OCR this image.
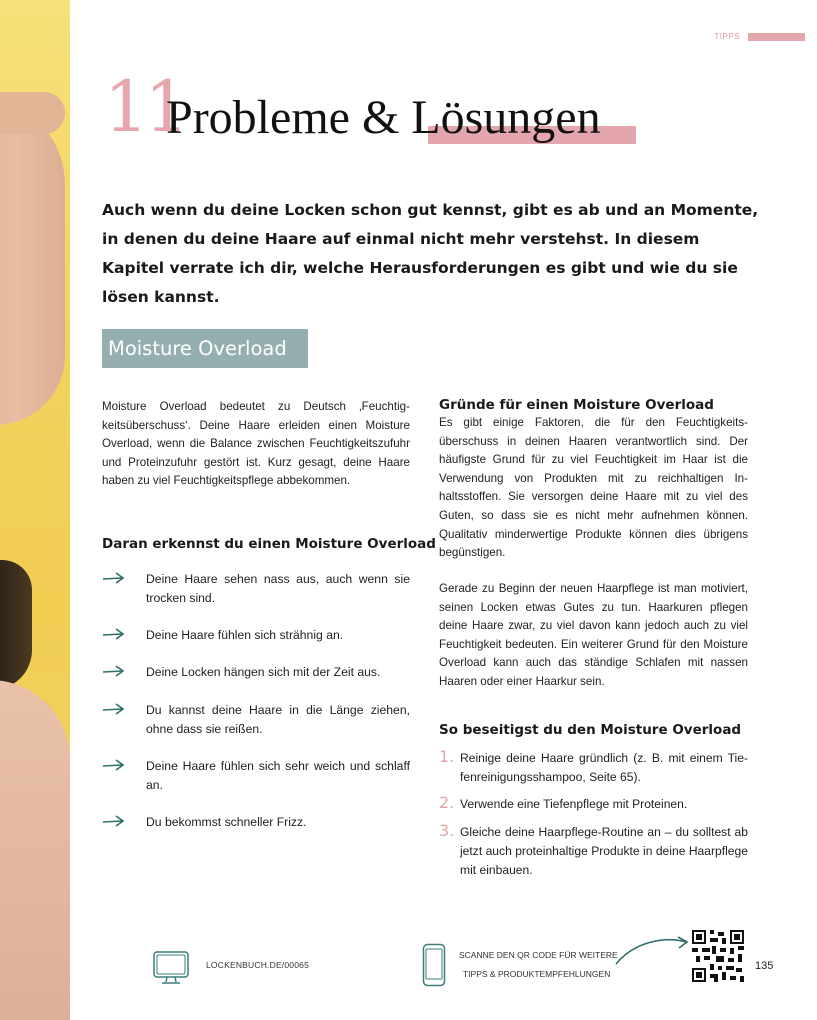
TIPPS
11
Probleme & Lösungen

Auch wenn du deine Locken schon gut kennst, gibt es ab und an Momente, in denen du deine Haare auf einmal nicht mehr verstehst. In diesem Kapitel verrate ich dir, welche Herausforderungen es gibt und wie du sie lösen kannst.

Moisture Overload

Moisture Overload bedeutet zu Deutsch ‚Feuchtigkeitsüberschuss‘. Deine Haare erleiden einen Moisture Overload, wenn die Balance zwischen Feuchtigkeitszufuhr und Proteinzufuhr gestört ist. Kurz gesagt, deine Haare haben zu viel Feuchtigkeitspflege abbekommen.

Daran erkennst du einen Moisture Overload
Deine Haare sehen nass aus, auch wenn sie trocken sind.
Deine Haare fühlen sich strähnig an.
Deine Locken hängen sich mit der Zeit aus.
Du kannst deine Haare in die Länge ziehen, ohne dass sie reißen.
Deine Haare fühlen sich sehr weich und schlaff an.
Du bekommst schneller Frizz.
Gründe für einen Moisture Overload

Es gibt einige Faktoren, die für den Feuchtigkeitsüberschuss in deinen Haaren verantwortlich sind. Der häufigste Grund für zu viel Feuchtigkeit im Haar ist die Verwendung von Produkten mit zu reichhaltigen Inhaltsstoffen. Sie versorgen deine Haare mit zu viel des Guten, so dass sie es nicht mehr aufnehmen können. Qualitativ minderwertige Produkte können dies übrigens begünstigen.

Gerade zu Beginn der neuen Haarpflege ist man motiviert, seinen Locken etwas Gutes zu tun. Haarkuren pflegen deine Haare zwar, zu viel davon kann jedoch auch zu viel Feuchtigkeit bedeuten. Ein weiterer Grund für den Moisture Overload kann auch das ständige Schlafen mit nassen Haaren oder einer Haarkur sein.

So beseitigst du den Moisture Overload
1. Reinige deine Haare gründlich (z. B. mit einem Tiefenreinigungsshampoo, Seite 65).
2. Verwende eine Tiefenpflege mit Proteinen.
3. Gleiche deine Haarpflege-Routine an – du solltest ab jetzt auch proteinhaltige Produkte in deine Haarpflege mit einbauen.
LOCKENBUCH.DE/00065
SCANNE DEN QR CODE FÜR WEITERE
TIPPS & PRODUKTEMPFEHLUNGEN
135
